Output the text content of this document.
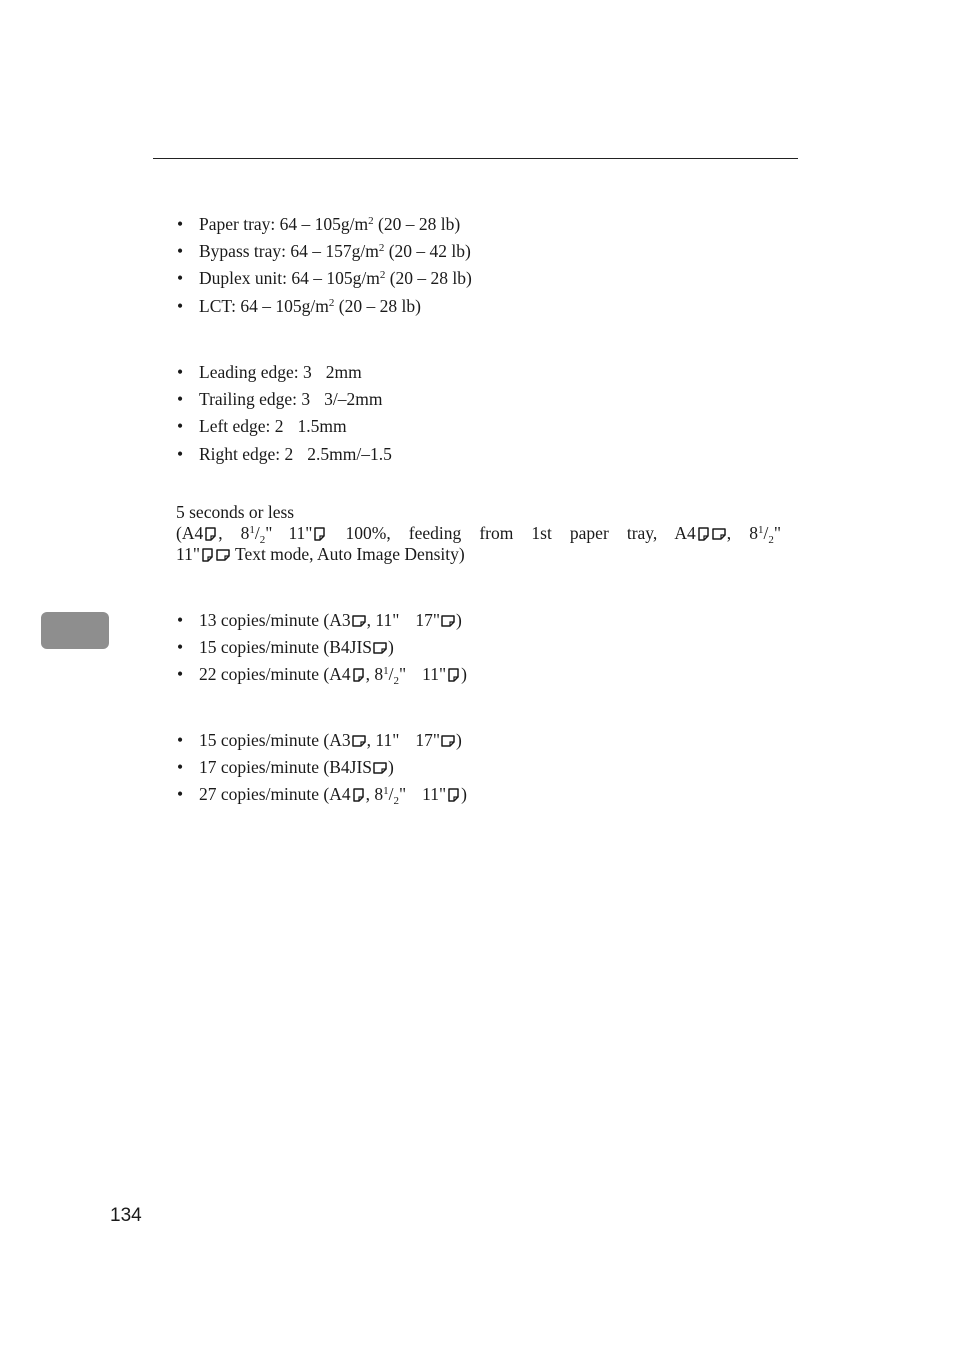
• Paper tray: $64 - 105g/m^2$ (20 – 28 lb)
• Bypass tray: $64 - 157g/m^2$ (20 – 42 lb)
• Duplex unit: $64 - 105g/m^2$ (20 – 28 lb)
• LCT: $64 - 105g/m^2$ (20 – 28 lb)
• Leading edge: 3 2mm
• Trailing edge: 3 3/–2mm
• Left edge: 2 1.5mm
• Right edge: 2 2.5mm/–1.5
5 seconds or less
(A4 , $8^1/_2$" 11"
100%, feeding from 1st paper tray, A4 , $8^1/_2$"
11"
Text mode, Auto Image Density)
• 13 copies/minute (A3 , 11" 17" )
• 15 copies/minute (B4JIS )
• 22 copies/minute (A4 , $8^1/_2$" 11" )
• 15 copies/minute (A3 , 11" 17" )
• 17 copies/minute (B4JIS )
• 27 copies/minute (A4 , $8^1/_2$" 11" )
134
